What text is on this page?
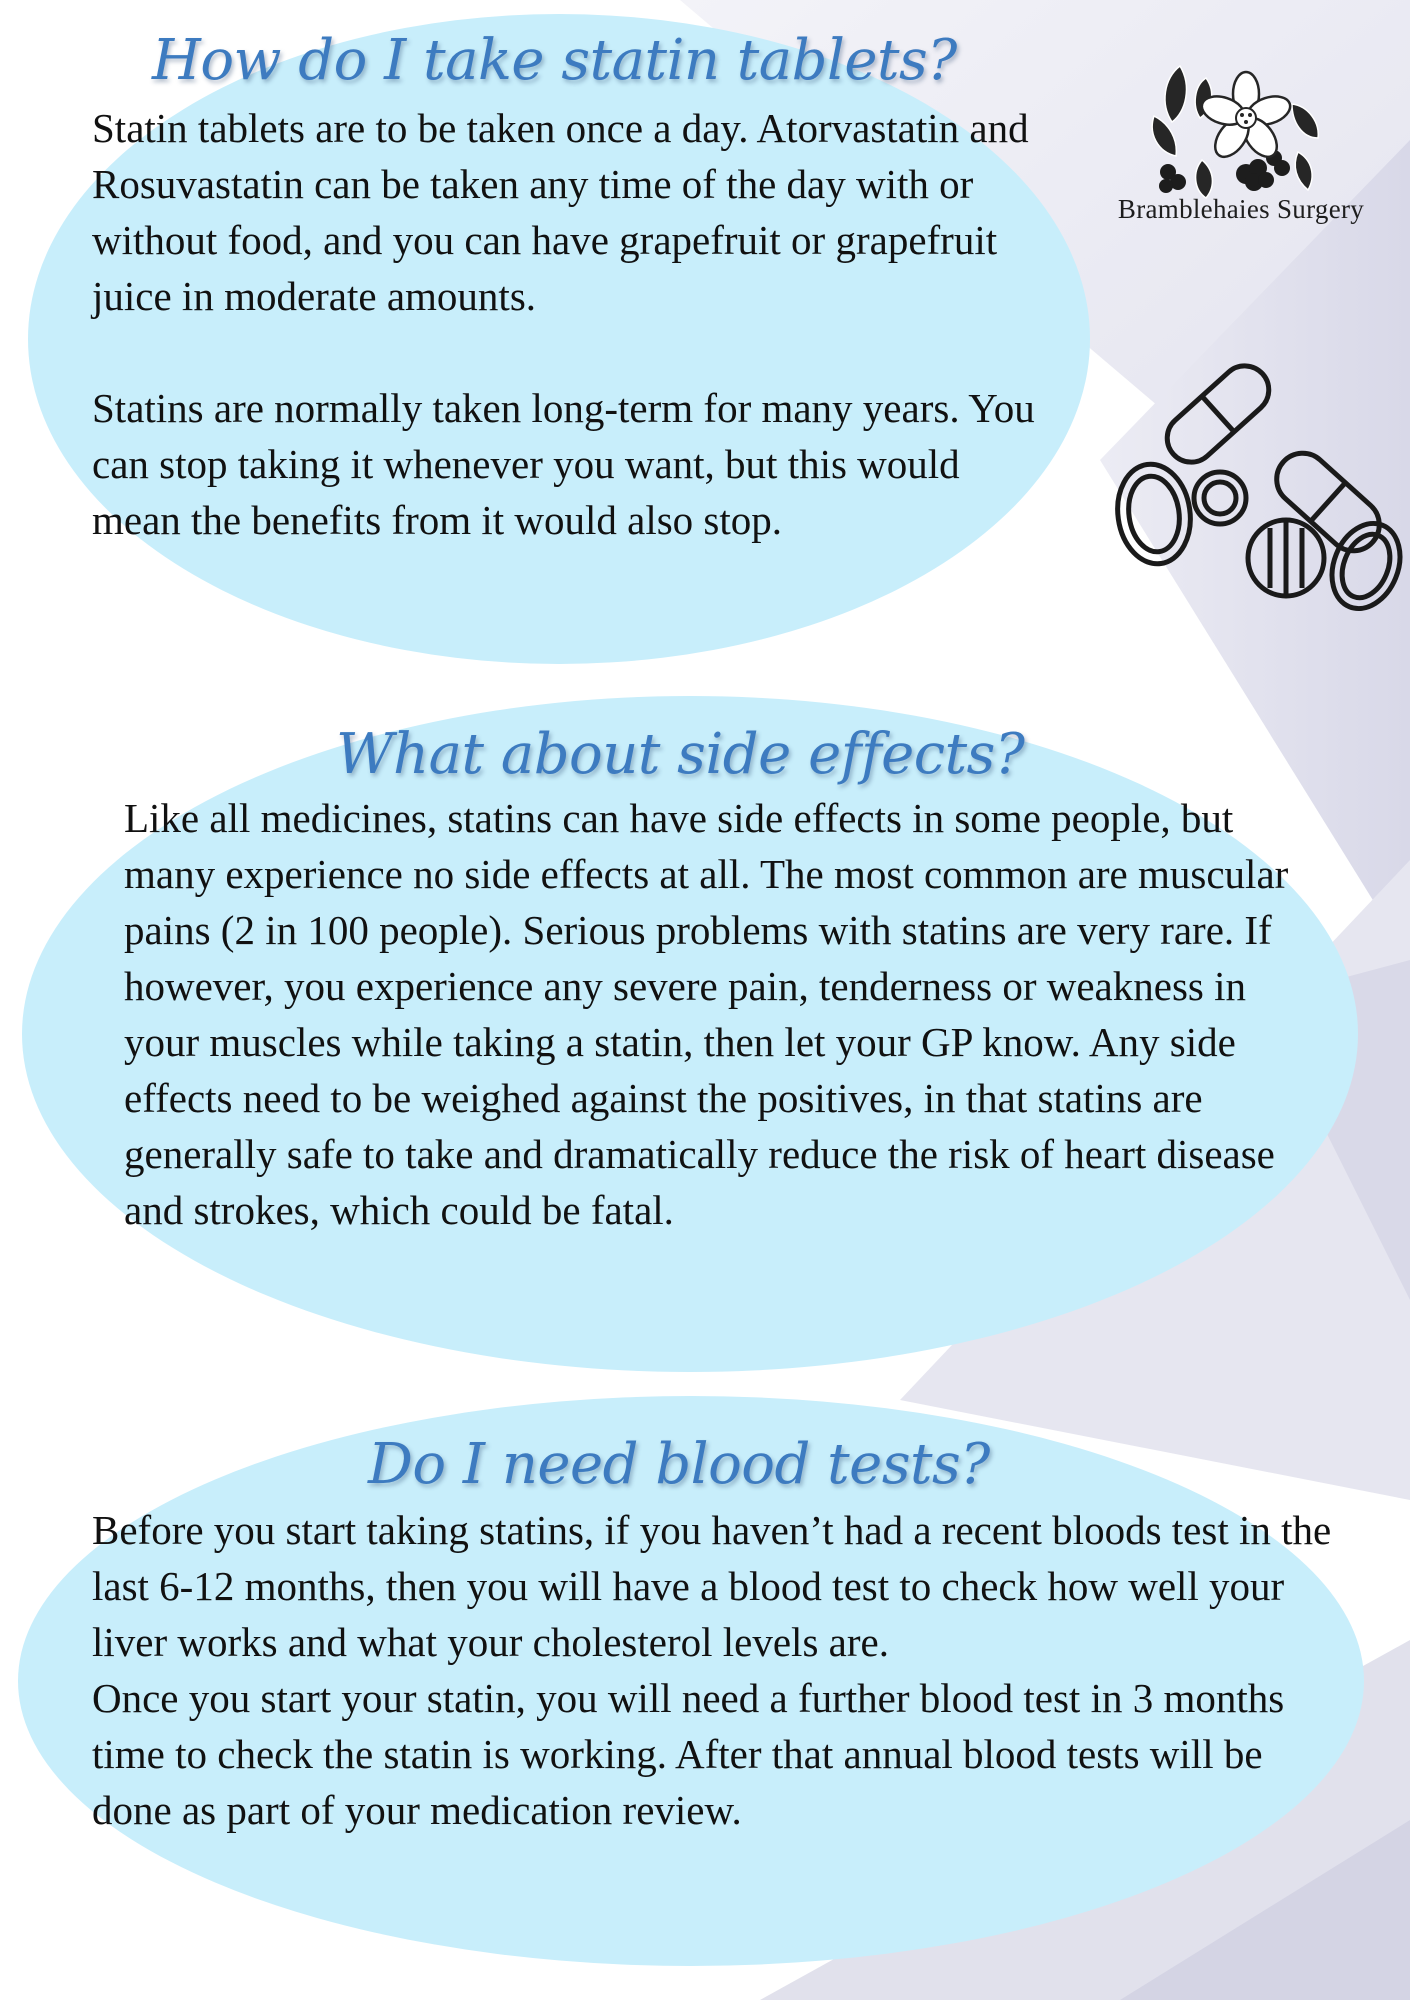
Bramblehaies Surgery
How do I take statin tablets?

Statin tablets are to be taken once a day. Atorvastatin and Rosuvastatin can be taken any time of the day with or without food, and you can have grapefruit or grapefruit juice in moderate amounts.

Statins are normally taken long-term for many years. You can stop taking it whenever you want, but this would mean the benefits from it would also stop.

What about side effects?

Like all medicines, statins can have side effects in some people, but many experience no side effects at all. The most common are muscular pains (2 in 100 people). Serious problems with statins are very rare. If however, you experience any severe pain, tenderness or weakness in your muscles while taking a statin, then let your GP know. Any side effects need to be weighed against the positives, in that statins are generally safe to take and dramatically reduce the risk of heart disease and strokes, which could be fatal.

Do I need blood tests?

Before you start taking statins, if you haven’t had a recent bloods test in the last 6-12 months, then you will have a blood test to check how well your liver works and what your cholesterol levels are.

Once you start your statin, you will need a further blood test in 3 months time to check the statin is working. After that annual blood tests will be done as part of your medication review.
